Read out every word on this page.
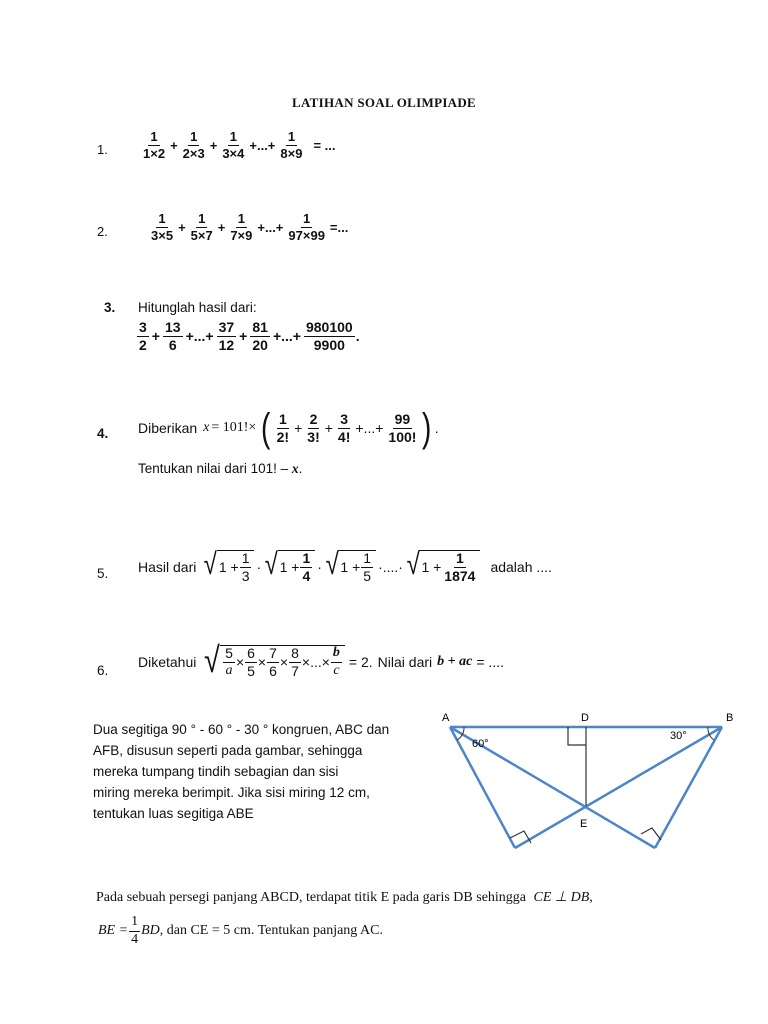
LATIHAN SOAL OLIMPIADE
1.	$\frac{1}{1\times 2} + \frac{1}{2\times 3} + \frac{1}{3\times 4}$ +...+ $\frac{1}{8\times 9}$ = ...
2.	$\frac{1}{3\times 5} + \frac{1}{5\times 7} + \frac{1}{7\times 9}$ +...+ $\frac{1}{97\times 99}$ =...
3. Hitunglah hasil dari:
$\frac{3}{2} + \frac{13}{6}$ +...+ $\frac{37}{12} + \frac{81}{20}$ +...+ $\frac{980100}{9900}$ .
4. Diberikan x = 101!× ( $\frac{1}{2!} + \frac{2}{3!} + \frac{3}{4!}$ +...+ $\frac{99}{100!}$ ) .
Tentukan nilai dari 101! – x.
5. Hasil dari √ $1 + \frac{1}{3}$ · √ $1 + \frac{1}{4}$ · √ $1 + \frac{1}{5}$ ·....· √ $1 + \frac{1}{1874}$ adalah ....
6.
Diketahui √ $\frac{5}{a} \times \frac{6}{5} \times \frac{7}{6} \times \frac{8}{7}$ ×...× $\frac{b}{c} = 2$. Nilai dari b + ac = ....
Dua segitiga 90 ° - 60 ° - 30 ° kongruen, ABC dan
AFB, disusun seperti pada gambar, sehingga
mereka tumpang tindih sebagian dan sisi
miring mereka berimpit. Jika sisi miring 12 cm,
tentukan luas segitiga ABE
A	D	B
E
60°
30°
Pada sebuah persegi panjang ABCD, terdapat titik E pada garis DB sehingga CE ⊥ DB,
BE = $\frac{1}{4}$ BD , dan CE = 5 cm. Tentukan panjang AC.
